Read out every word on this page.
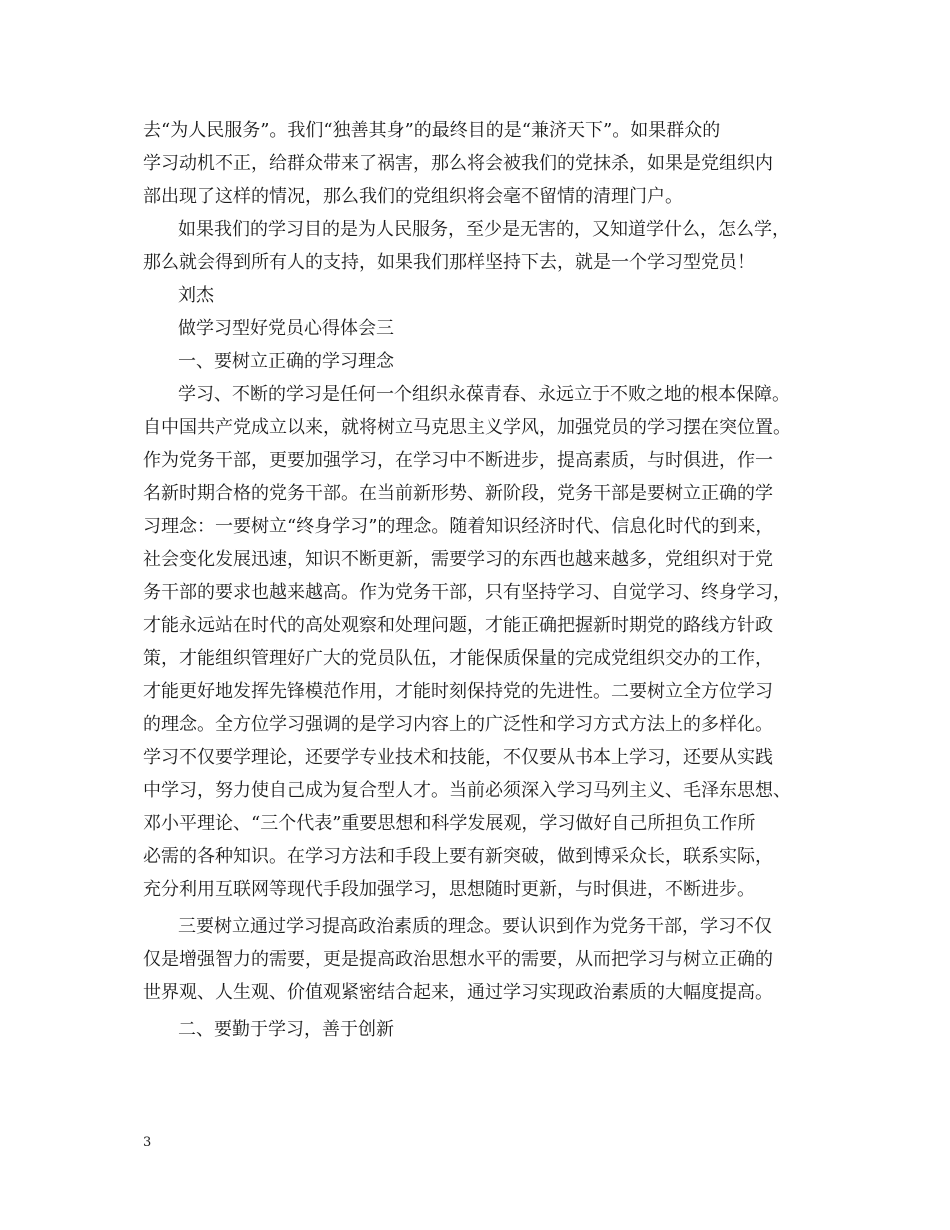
去“为人民服务”。我们“独善其身”的最终目的是“兼济天下”。如果群众的
学习动机不正，给群众带来了祸害，那么将会被我们的党抹杀，如果是党组织内
部出现了这样的情况，那么我们的党组织将会毫不留情的清理门户。
如果我们的学习目的是为人民服务，至少是无害的，又知道学什么，怎么学，
那么就会得到所有人的支持，如果我们那样坚持下去，就是一个学习型党员！
刘杰
做学习型好党员心得体会三
一、要树立正确的学习理念
学习、不断的学习是任何一个组织永葆青春、永远立于不败之地的根本保障。
自中国共产党成立以来，就将树立马克思主义学风，加强党员的学习摆在突位置。
作为党务干部，更要加强学习，在学习中不断进步，提高素质，与时俱进，作一
名新时期合格的党务干部。在当前新形势、新阶段，党务干部是要树立正确的学
习理念：一要树立“终身学习”的理念。随着知识经济时代、信息化时代的到来，
社会变化发展迅速，知识不断更新，需要学习的东西也越来越多，党组织对于党
务干部的要求也越来越高。作为党务干部，只有坚持学习、自觉学习、终身学习，
才能永远站在时代的高处观察和处理问题，才能正确把握新时期党的路线方针政
策，才能组织管理好广大的党员队伍，才能保质保量的完成党组织交办的工作，
才能更好地发挥先锋模范作用，才能时刻保持党的先进性。二要树立全方位学习
的理念。全方位学习强调的是学习内容上的广泛性和学习方式方法上的多样化。
学习不仅要学理论，还要学专业技术和技能，不仅要从书本上学习，还要从实践
中学习，努力使自己成为复合型人才。当前必须深入学习马列主义、毛泽东思想、
邓小平理论、“三个代表”重要思想和科学发展观，学习做好自己所担负工作所
必需的各种知识。在学习方法和手段上要有新突破，做到博采众长，联系实际，
充分利用互联网等现代手段加强学习，思想随时更新，与时俱进，不断进步。
三要树立通过学习提高政治素质的理念。要认识到作为党务干部，学习不仅
仅是增强智力的需要，更是提高政治思想水平的需要，从而把学习与树立正确的
世界观、人生观、价值观紧密结合起来，通过学习实现政治素质的大幅度提高。
二、要勤于学习，善于创新
3
